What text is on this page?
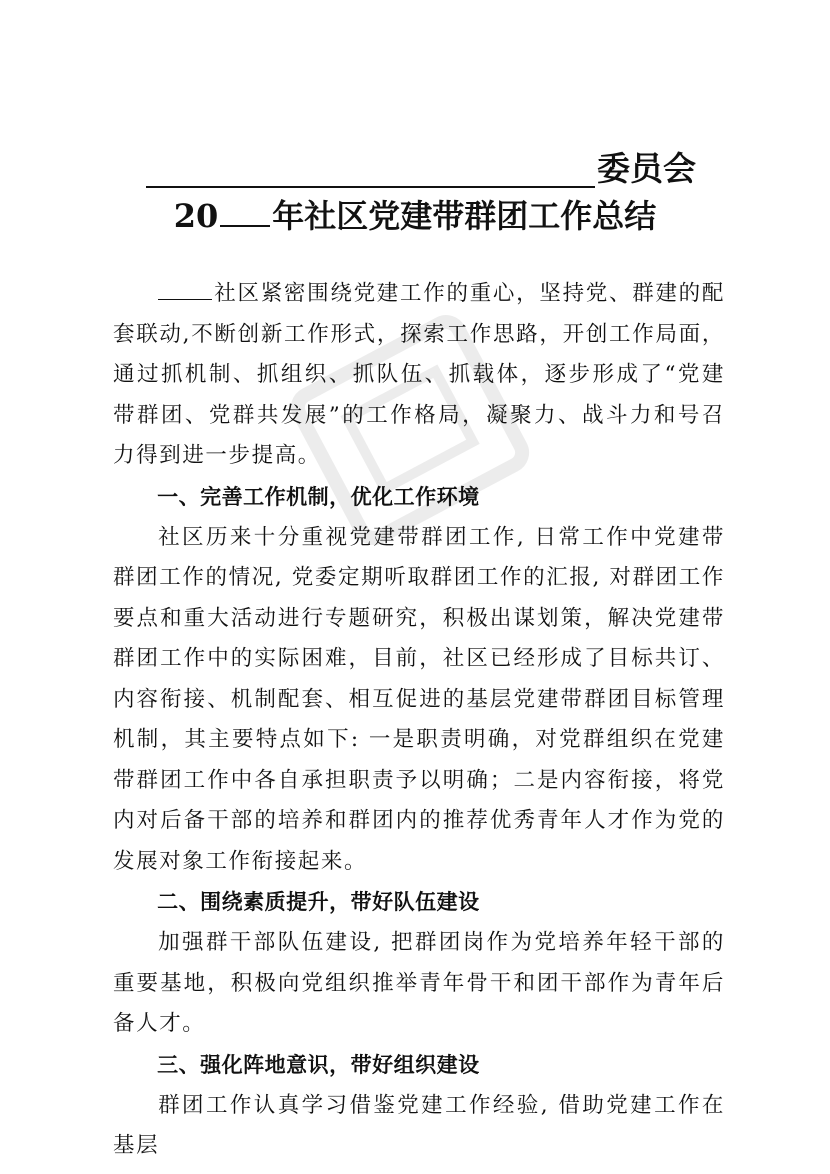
委员会
20 年社区党建带群团工作总结

社区紧密围绕党建工作的重心，坚持党、群建的配套联动,不断创新工作形式，探索工作思路，开创工作局面，通过抓机制、抓组织、抓队伍、抓载体，逐步形成了“党建带群团、党群共发展”的工作格局，凝聚力、战斗力和号召力得到进一步提高。

一、完善工作机制，优化工作环境

社区历来十分重视党建带群团工作, 日常工作中党建带群团工作的情况, 党委定期听取群团工作的汇报, 对群团工作要点和重大活动进行专题研究，积极出谋划策，解决党建带群团工作中的实际困难，目前，社区已经形成了目标共订、内容衔接、机制配套、相互促进的基层党建带群团目标管理机制，其主要特点如下: 一是职责明确，对党群组织在党建带群团工作中各自承担职责予以明确；二是内容衔接，将党内对后备干部的培养和群团内的推荐优秀青年人才作为党的发展对象工作衔接起来。

二、围绕素质提升，带好队伍建设

加强群干部队伍建设, 把群团岗作为党培养年轻干部的重要基地，积极向党组织推举青年骨干和团干部作为青年后备人才。

三、强化阵地意识，带好组织建设

群团工作认真学习借鉴党建工作经验, 借助党建工作在基层
